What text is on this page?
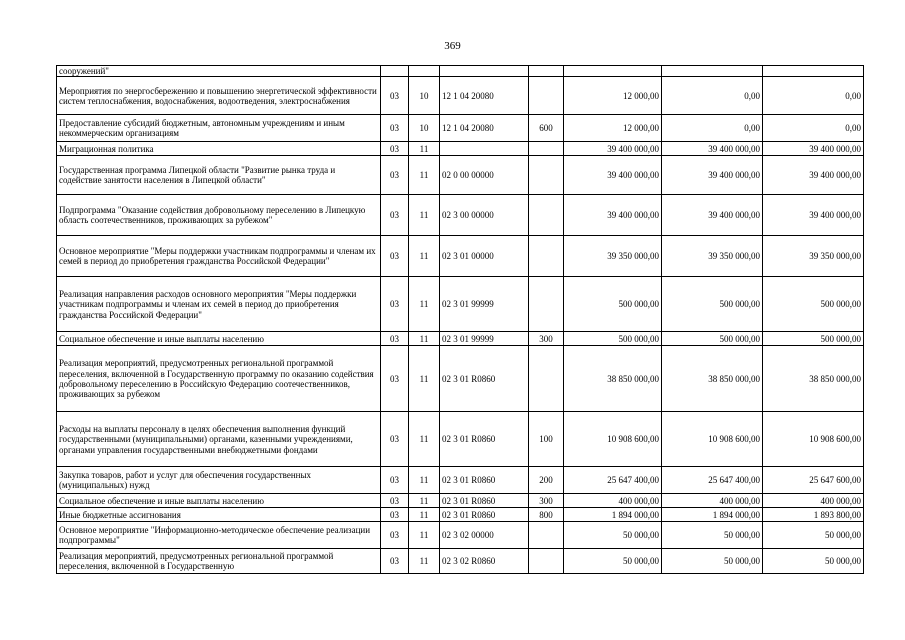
369
сооружений"							
Мероприятия по энергосбережению и повышению энергетической эффективности систем теплоснабжения, водоснабжения, водоотведения, электроснабжения	03	10	12 1 04 20080		12 000,00	0,00	0,00
Предоставление субсидий бюджетным, автономным учреждениям и иным некоммерческим организациям	03	10	12 1 04 20080	600	12 000,00	0,00	0,00
Миграционная политика	03	11			39 400 000,00	39 400 000,00	39 400 000,00
Государственная программа Липецкой области "Развитие рынка труда и содействие занятости населения в Липецкой области"	03	11	02 0 00 00000		39 400 000,00	39 400 000,00	39 400 000,00
Подпрограмма "Оказание содействия добровольному переселению в Липецкую область соотечественников, проживающих за рубежом"	03	11	02 3 00 00000		39 400 000,00	39 400 000,00	39 400 000,00
Основное мероприятие "Меры поддержки участникам подпрограммы и членам их семей в период до приобретения гражданства Российской Федерации"	03	11	02 3 01 00000		39 350 000,00	39 350 000,00	39 350 000,00
Реализация направления расходов основного мероприятия "Меры поддержки участникам подпрограммы и членам их семей в период до приобретения гражданства Российской Федерации"	03	11	02 3 01 99999		500 000,00	500 000,00	500 000,00
Социальное обеспечение и иные выплаты населению	03	11	02 3 01 99999	300	500 000,00	500 000,00	500 000,00
Реализация мероприятий, предусмотренных региональной программой переселения, включенной в Государственную программу по оказанию содействия добровольному переселению в Российскую Федерацию соотечественников, проживающих за рубежом	03	11	02 3 01 R0860		38 850 000,00	38 850 000,00	38 850 000,00
Расходы на выплаты персоналу в целях обеспечения выполнения функций государственными (муниципальными) органами, казенными учреждениями, органами управления государственными внебюджетными фондами	03	11	02 3 01 R0860	100	10 908 600,00	10 908 600,00	10 908 600,00
Закупка товаров, работ и услуг для обеспечения государственных (муниципальных) нужд	03	11	02 3 01 R0860	200	25 647 400,00	25 647 400,00	25 647 600,00
Социальное обеспечение и иные выплаты населению	03	11	02 3 01 R0860	300	400 000,00	400 000,00	400 000,00
Иные бюджетные ассигнования	03	11	02 3 01 R0860	800	1 894 000,00	1 894 000,00	1 893 800,00
Основное мероприятие "Информационно-методическое обеспечение реализации подпрограммы"	03	11	02 3 02 00000		50 000,00	50 000,00	50 000,00
Реализация мероприятий, предусмотренных региональной программой переселения, включенной в Государственную	03	11	02 3 02 R0860		50 000,00	50 000,00	50 000,00
